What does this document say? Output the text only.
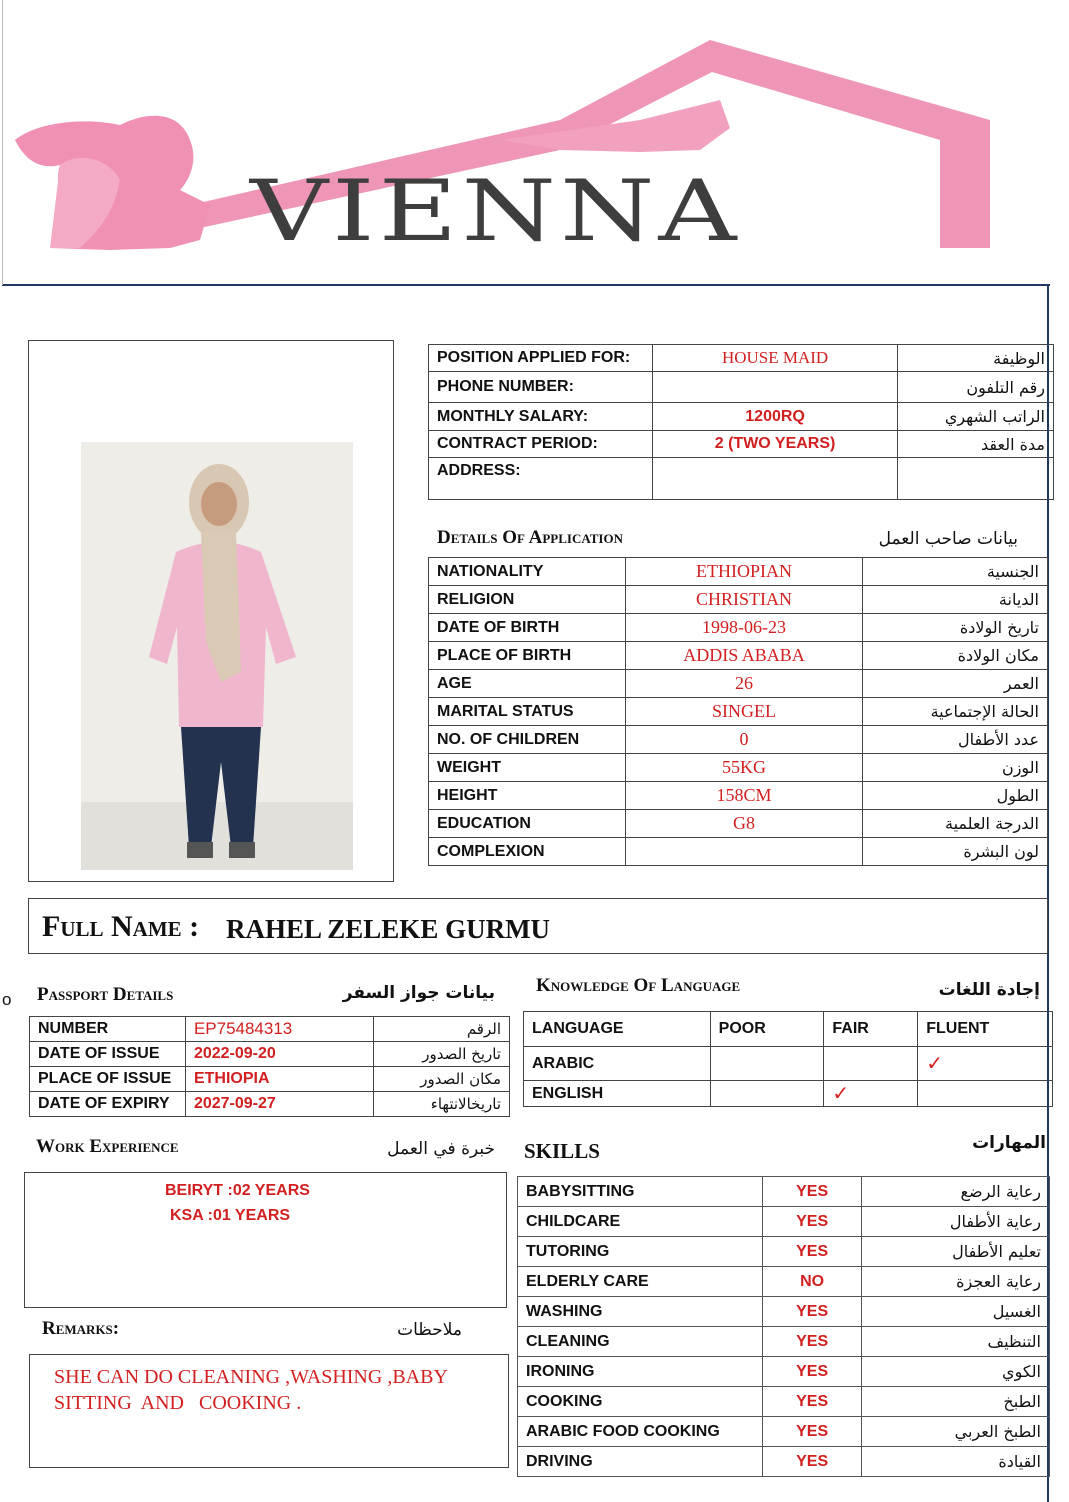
VIENNA
POSITION APPLIED FOR:	HOUSE MAID	الوظيفة
PHONE NUMBER:		رقم التلفون
MONTHLY SALARY:	1200RQ	الراتب الشهري
CONTRACT PERIOD:	2 (TWO YEARS)	مدة العقد
ADDRESS:		
Details Of Application	بيانات صاحب العمل
NATIONALITY	ETHIOPIAN	الجنسية
RELIGION	CHRISTIAN	الديانة
DATE OF BIRTH	1998-06-23	تاريخ الولادة
PLACE OF BIRTH	ADDIS ABABA	مكان الولادة
AGE	26	العمر
MARITAL STATUS	SINGEL	الحالة الإجتماعية
NO. OF CHILDREN	0	عدد الأطفال
WEIGHT	55KG	الوزن
HEIGHT	158CM	الطول
EDUCATION	G8	الدرجة العلمية
COMPLEXION		لون البشرة
Full Name : RAHEL ZELEKE GURMU
o Passport Details	بيانات جواز السفر
NUMBER	EP75484313	الرقم
DATE OF ISSUE	2022-09-20	تاريخ الصدور
PLACE OF ISSUE	ETHIOPIA	مكان الصدور
DATE OF EXPIRY	2027-09-27	تاريخالانتهاء
Knowledge Of Language	إجادة اللغات
LANGUAGE	POOR	FAIR	FLUENT
ARABIC			✓
ENGLISH		✓	
Work Experience	خبرة في العمل
BEIRYT :02 YEARS
KSA :01 YEARS
Remarks:	ملاحظات
SHE CAN DO CLEANING ,WASHING ,BABY
SITTING  AND   COOKING .
SKILLS	المهارات
BABYSITTING	YES	رعاية الرضع
CHILDCARE	YES	رعاية الأطفال
TUTORING	YES	تعليم الأطفال
ELDERLY CARE	NO	رعاية العجزة
WASHING	YES	الغسيل
CLEANING	YES	التنظيف
IRONING	YES	الكوي
COOKING	YES	الطبخ
ARABIC FOOD COOKING	YES	الطبخ العربي
DRIVING	YES	القيادة
